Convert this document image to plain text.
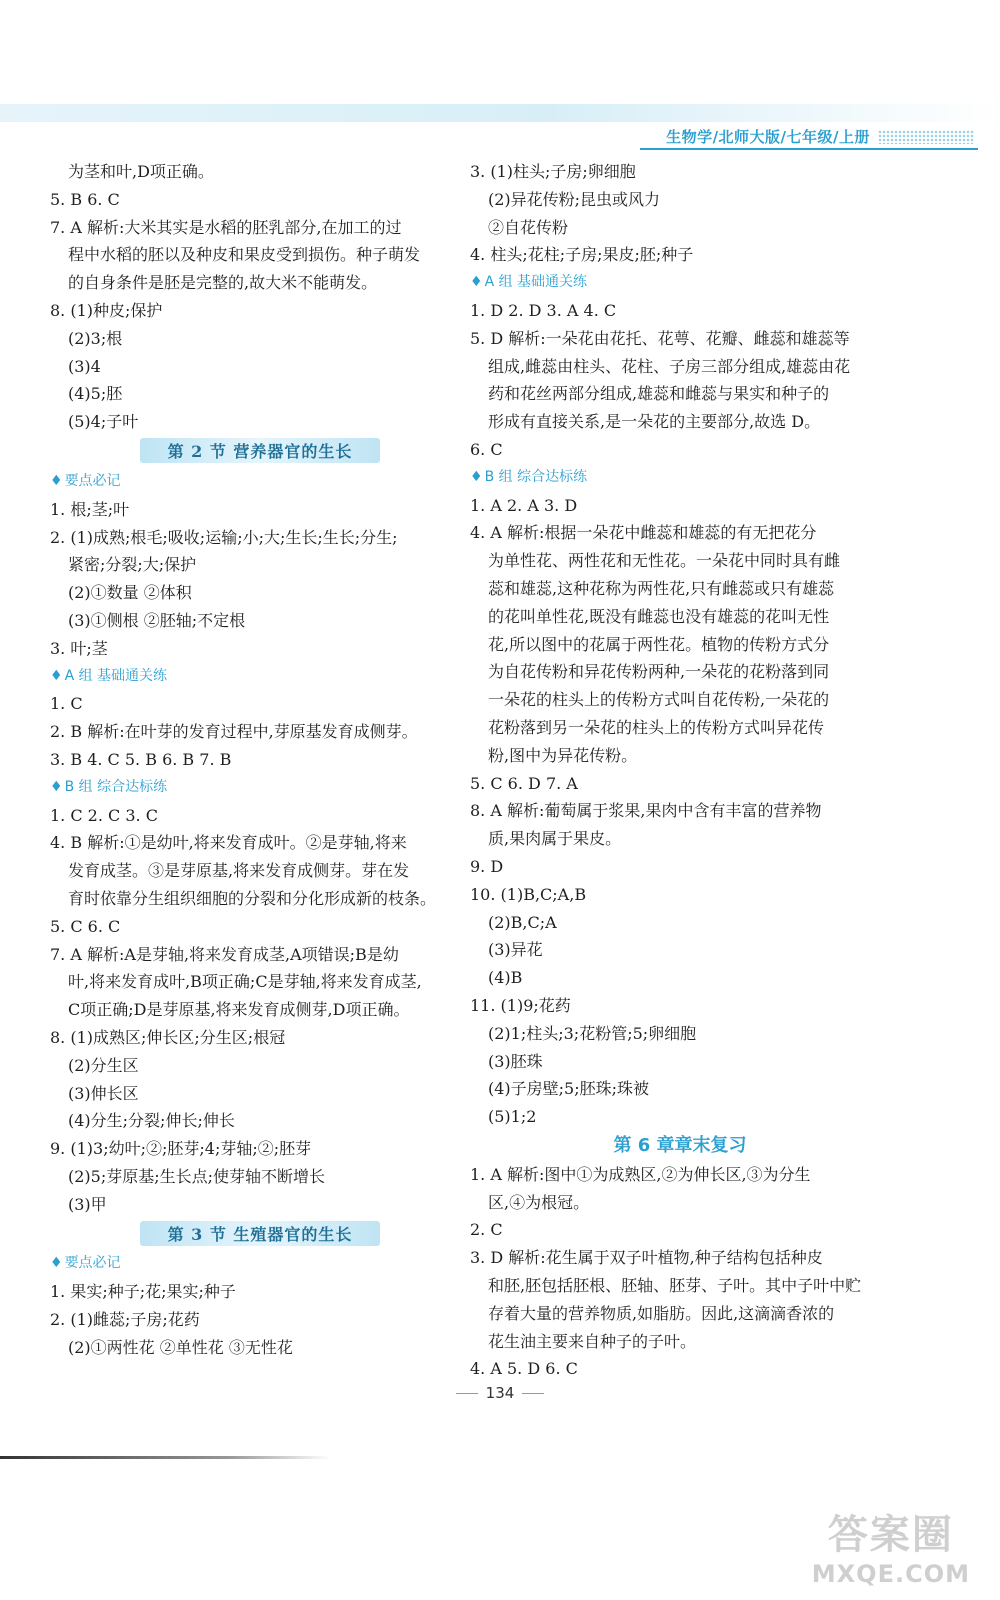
生物学/北师大版/七年级/上册
为茎和叶,D项正确。
5. B 6. C
7. A 解析:大米其实是水稻的胚乳部分,在加工的过
程中水稻的胚以及种皮和果皮受到损伤。种子萌发
的自身条件是胚是完整的,故大米不能萌发。
8. (1)种皮;保护
(2)3;根
(3)4
(4)5;胚
(5)4;子叶
第 2 节 营养器官的生长
♦ 要点必记
1. 根;茎;叶
2. (1)成熟;根毛;吸收;运输;小;大;生长;生长;分生;
紧密;分裂;大;保护
(2)①数量 ②体积
(3)①侧根 ②胚轴;不定根
3. 叶;茎
♦ A 组 基础通关练
1. C
2. B 解析:在叶芽的发育过程中,芽原基发育成侧芽。
3. B 4. C 5. B 6. B 7. B
♦ B 组 综合达标练
1. C 2. C 3. C
4. B 解析:①是幼叶,将来发育成叶。②是芽轴,将来
发育成茎。③是芽原基,将来发育成侧芽。芽在发
育时依靠分生组织细胞的分裂和分化形成新的枝条。
5. C 6. C
7. A 解析:A是芽轴,将来发育成茎,A项错误;B是幼
叶,将来发育成叶,B项正确;C是芽轴,将来发育成茎,
C项正确;D是芽原基,将来发育成侧芽,D项正确。
8. (1)成熟区;伸长区;分生区;根冠
(2)分生区
(3)伸长区
(4)分生;分裂;伸长;伸长
9. (1)3;幼叶;②;胚芽;4;芽轴;②;胚芽
(2)5;芽原基;生长点;使芽轴不断增长
(3)甲
第 3 节 生殖器官的生长
♦ 要点必记
1. 果实;种子;花;果实;种子
2. (1)雌蕊;子房;花药
(2)①两性花 ②单性花 ③无性花
3. (1)柱头;子房;卵细胞
(2)异花传粉;昆虫或风力
②自花传粉
4. 柱头;花柱;子房;果皮;胚;种子
♦ A 组 基础通关练
1. D 2. D 3. A 4. C
5. D 解析:一朵花由花托、花萼、花瓣、雌蕊和雄蕊等
组成,雌蕊由柱头、花柱、子房三部分组成,雄蕊由花
药和花丝两部分组成,雄蕊和雌蕊与果实和种子的
形成有直接关系,是一朵花的主要部分,故选 D。
6. C
♦ B 组 综合达标练
1. A 2. A 3. D
4. A 解析:根据一朵花中雌蕊和雄蕊的有无把花分
为单性花、两性花和无性花。一朵花中同时具有雌
蕊和雄蕊,这种花称为两性花,只有雌蕊或只有雄蕊
的花叫单性花,既没有雌蕊也没有雄蕊的花叫无性
花,所以图中的花属于两性花。植物的传粉方式分
为自花传粉和异花传粉两种,一朵花的花粉落到同
一朵花的柱头上的传粉方式叫自花传粉,一朵花的
花粉落到另一朵花的柱头上的传粉方式叫异花传
粉,图中为异花传粉。
5. C 6. D 7. A
8. A 解析:葡萄属于浆果,果肉中含有丰富的营养物
质,果肉属于果皮。
9. D
10. (1)B,C;A,B
(2)B,C;A
(3)异花
(4)B
11. (1)9;花药
(2)1;柱头;3;花粉管;5;卵细胞
(3)胚珠
(4)子房壁;5;胚珠;珠被
(5)1;2
第 6 章章末复习
1. A 解析:图中①为成熟区,②为伸长区,③为分生
区,④为根冠。
2. C
3. D 解析:花生属于双子叶植物,种子结构包括种皮
和胚,胚包括胚根、胚轴、胚芽、子叶。其中子叶中贮
存着大量的营养物质,如脂肪。因此,这滴滴香浓的
花生油主要来自种子的子叶。
4. A 5. D 6. C
134
答案圈
MXQE.COM
